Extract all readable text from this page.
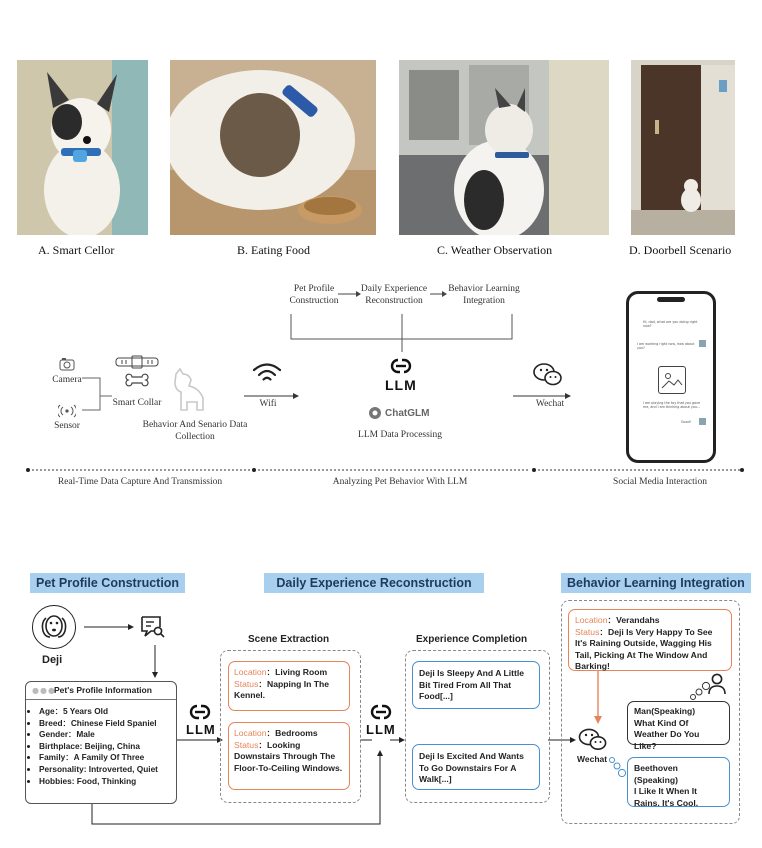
A. Smart Cellor	B. Eating Food	C. Weather Observation	D. Doorbell Scenario
Pet Profile Construction
Daily Experience Reconstruction
Behavior Learning Integration
Camera
Sensor
Smart Collar
Behavior And Senario Data Collection
Wifi
LLM
ChatGLM
LLM Data Processing
Wechat
Hi, dad, what are you doing right now?
I am working right now, how about you?
I am playing the toy that you gave me, and I am thinking about you...
Good!
Real-Time Data Capture And Transmission	Analyzing Pet Behavior With LLM	Social Media Interaction
Pet Profile Construction	Daily Experience Reconstruction	Behavior Learning Integration
Deji
●●●
Pet's Profile Information
• Age：5 Years Old
• Breed：Chinese Field Spaniel
• Gender：Male
• Birthplace: Beijing, China
• Family：A Family Of Three
• Personality: Introverted, Quiet
• Hobbies: Food, Thinking
LLM
Scene Extraction
Location：Living Room
Status：Napping In The Kennel.
Location：Bedrooms
Status：Looking Downstairs Through The Floor-To-Ceiling Windows.
LLM
Experience Completion
Deji Is Sleepy And A Little Bit Tired From All That Food[...]
Deji Is Excited And Wants To Go Downstairs For A Walk[...]
Location：Verandahs
Status：Deji Is Very Happy To See It's Raining Outside, Wagging His Tail, Picking At The Window And Barking!
Wechat
Man(Speaking)
What Kind Of Weather Do You Like?
Beethoven (Speaking)
I Like It When It Rains. It's Cool.
